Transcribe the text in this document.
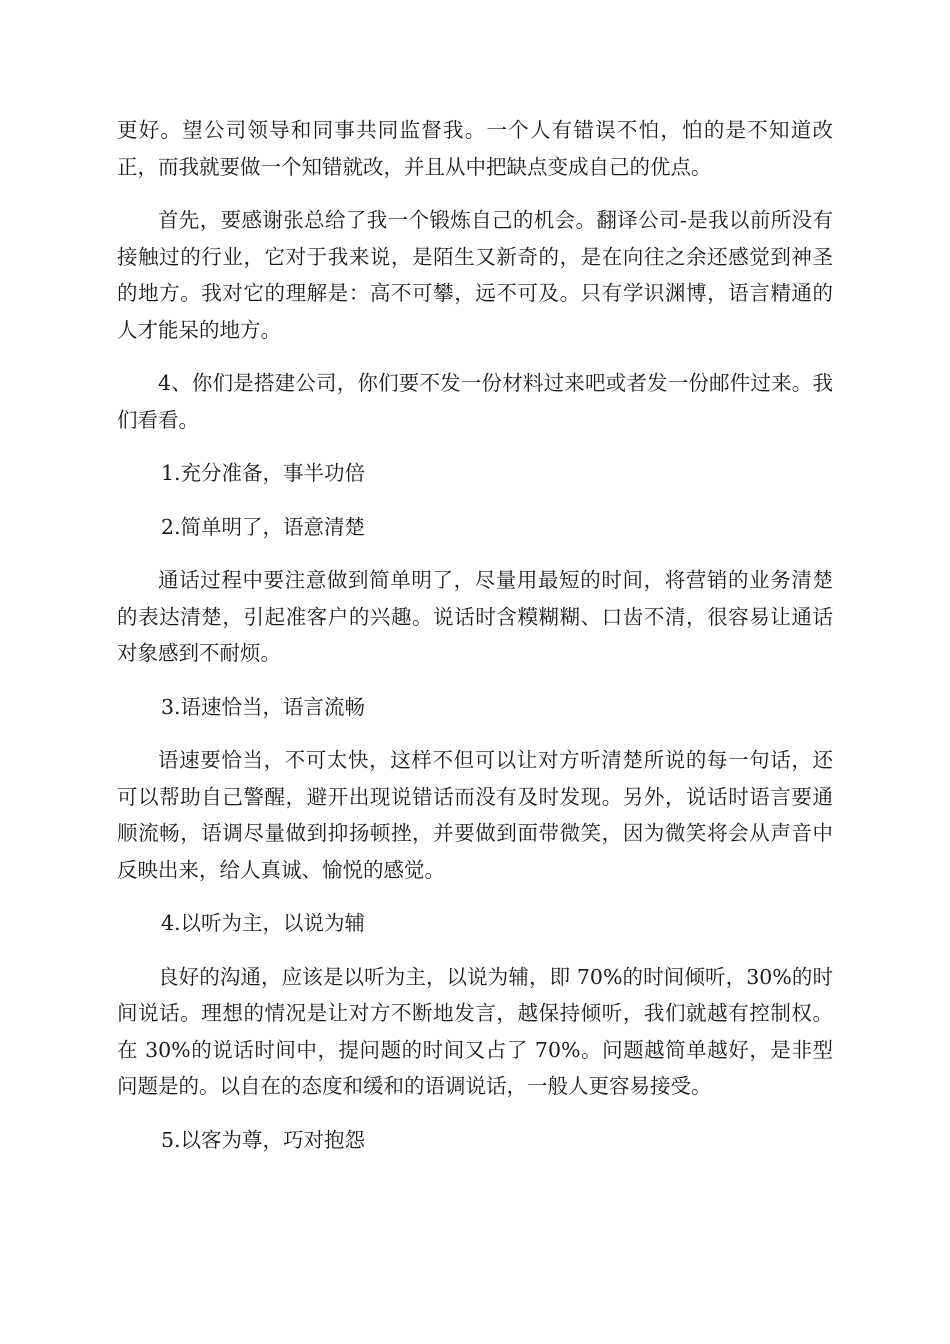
更好。望公司领导和同事共同监督我。一个人有错误不怕，怕的是不知道改正，而我就要做一个知错就改，并且从中把缺点变成自己的优点。

首先，要感谢张总给了我一个锻炼自己的机会。翻译公司-是我以前所没有接触过的行业，它对于我来说，是陌生又新奇的，是在向往之余还感觉到神圣的地方。我对它的理解是：高不可攀，远不可及。只有学识渊博，语言精通的人才能呆的地方。

4、你们是搭建公司，你们要不发一份材料过来吧或者发一份邮件过来。我们看看。

1.充分准备，事半功倍

2.简单明了，语意清楚

通话过程中要注意做到简单明了，尽量用最短的时间，将营销的业务清楚的表达清楚，引起准客户的兴趣。说话时含糢糊糊、口齿不清，很容易让通话对象感到不耐烦。

3.语速恰当，语言流畅

语速要恰当，不可太快，这样不但可以让对方听清楚所说的每一句话，还可以帮助自己警醒，避开出现说错话而没有及时发现。另外，说话时语言要通顺流畅，语调尽量做到抑扬顿挫，并要做到面带微笑，因为微笑将会从声音中反映出来，给人真诚、愉悦的感觉。

4.以听为主，以说为辅

良好的沟通，应该是以听为主，以说为辅，即 70%的时间倾听，30%的时间说话。理想的情况是让对方不断地发言，越保持倾听，我们就越有控制权。在 30%的说话时间中，提问题的时间又占了 70%。问题越简单越好，是非型问题是的。以自在的态度和缓和的语调说话，一般人更容易接受。

5.以客为尊，巧对抱怨
